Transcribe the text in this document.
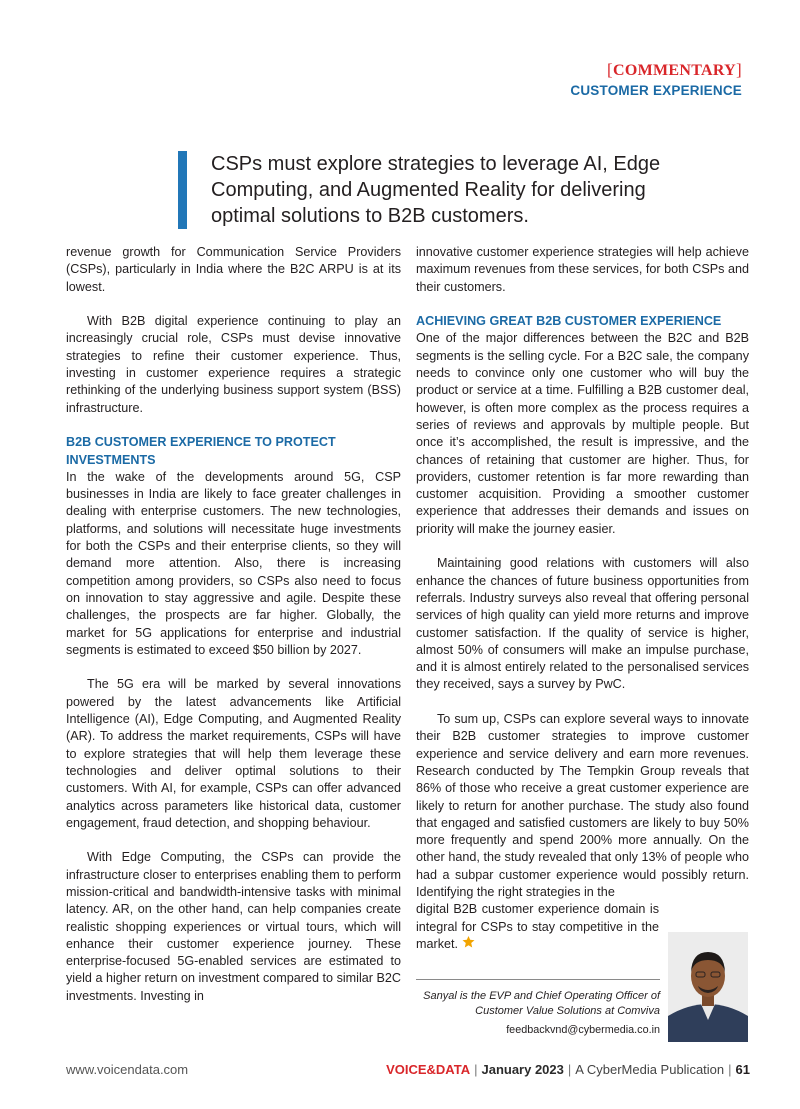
[COMMENTARY]
CUSTOMER EXPERIENCE
CSPs must explore strategies to leverage AI, Edge Computing, and Augmented Reality for delivering optimal solutions to B2B customers.

revenue growth for Communication Service Providers (CSPs), particularly in India where the B2C ARPU is at its lowest.

With B2B digital experience continuing to play an increasingly crucial role, CSPs must devise innovative strategies to refine their customer experience. Thus, investing in customer experience requires a strategic rethinking of the underlying business support system (BSS) infrastructure.

B2B CUSTOMER EXPERIENCE TO PROTECT INVESTMENTS

In the wake of the developments around 5G, CSP businesses in India are likely to face greater challenges in dealing with enterprise customers. The new technologies, platforms, and solutions will necessitate huge investments for both the CSPs and their enterprise clients, so they will demand more attention. Also, there is increasing competition among providers, so CSPs also need to focus on innovation to stay aggressive and agile. Despite these challenges, the prospects are far higher. Globally, the market for 5G applications for enterprise and industrial segments is estimated to exceed $50 billion by 2027.

The 5G era will be marked by several innovations powered by the latest advancements like Artificial Intelligence (AI), Edge Computing, and Augmented Reality (AR). To address the market requirements, CSPs will have to explore strategies that will help them leverage these technologies and deliver optimal solutions to their customers. With AI, for example, CSPs can offer advanced analytics across parameters like historical data, customer engagement, fraud detection, and shopping behaviour.

With Edge Computing, the CSPs can provide the infrastructure closer to enterprises enabling them to perform mission-critical and bandwidth-intensive tasks with minimal latency. AR, on the other hand, can help companies create realistic shopping experiences or virtual tours, which will enhance their customer experience journey. These enterprise-focused 5G-enabled services are estimated to yield a higher return on investment compared to similar B2C investments. Investing in

innovative customer experience strategies will help achieve maximum revenues from these services, for both CSPs and their customers.

ACHIEVING GREAT B2B CUSTOMER EXPERIENCE

One of the major differences between the B2C and B2B segments is the selling cycle. For a B2C sale, the company needs to convince only one customer who will buy the product or service at a time. Fulfilling a B2B customer deal, however, is often more complex as the process requires a series of reviews and approvals by multiple people. But once it’s accomplished, the result is impressive, and the chances of retaining that customer are higher. Thus, for providers, customer retention is far more rewarding than customer acquisition. Providing a smoother customer experience that addresses their demands and issues on priority will make the journey easier.

Maintaining good relations with customers will also enhance the chances of future business opportunities from referrals. Industry surveys also reveal that offering personal services of high quality can yield more returns and improve customer satisfaction. If the quality of service is higher, almost 50% of consumers will make an impulse purchase, and it is almost entirely related to the personalised services they received, says a survey by PwC.

To sum up, CSPs can explore several ways to innovate their B2B customer strategies to improve customer experience and service delivery and earn more revenues. Research conducted by The Tempkin Group reveals that 86% of those who receive a great customer experience are likely to return for another purchase. The study also found that engaged and satisfied customers are likely to buy 50% more frequently and spend 200% more annually. On the other hand, the study revealed that only 13% of people who had a subpar customer experience would possibly return. Identifying the right strategies in the

digital B2B customer experience domain is integral for CSPs to stay competitive in the market.
Sanyal is the EVP and Chief Operating Officer of Customer Value Solutions at Comviva
feedbackvnd@cybermedia.co.in
www.voicendata.com	VOICE&DATA | January 2023 | A CyberMedia Publication | 61
